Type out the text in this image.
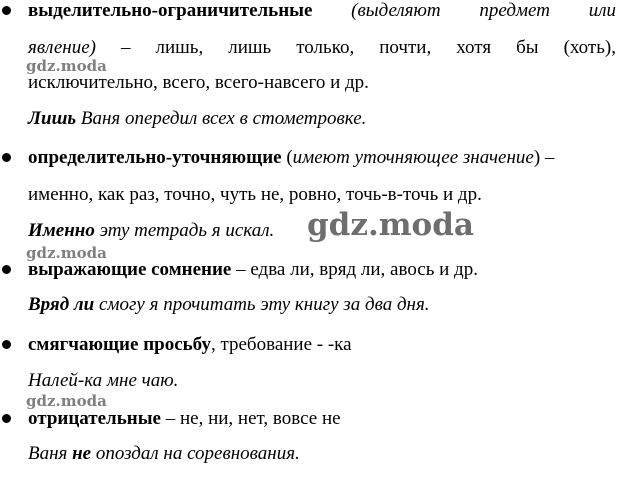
выделительно-ограничительные (выделяют предмет или
явление) – лишь, лишь только, почти, хотя бы (хоть),
исключительно, всего, всего-навсего и др.
Лишь Ваня опередил всех в стометровке.
определительно-уточняющие (имеют уточняющее значение) –
именно, как раз, точно, чуть не, ровно, точь-в-точь и др.
Именно эту тетрадь я искал.
выражающие сомнение – едва ли, вряд ли, авось и др.
Вряд ли смогу я прочитать эту книгу за два дня.
смягчающие просьбу, требование - -ка
Налей-ка мне чаю.
отрицательные – не, ни, нет, вовсе не
Ваня не опоздал на соревнования.
gdz.moda
gdz.moda
gdz.moda
gdz.moda
